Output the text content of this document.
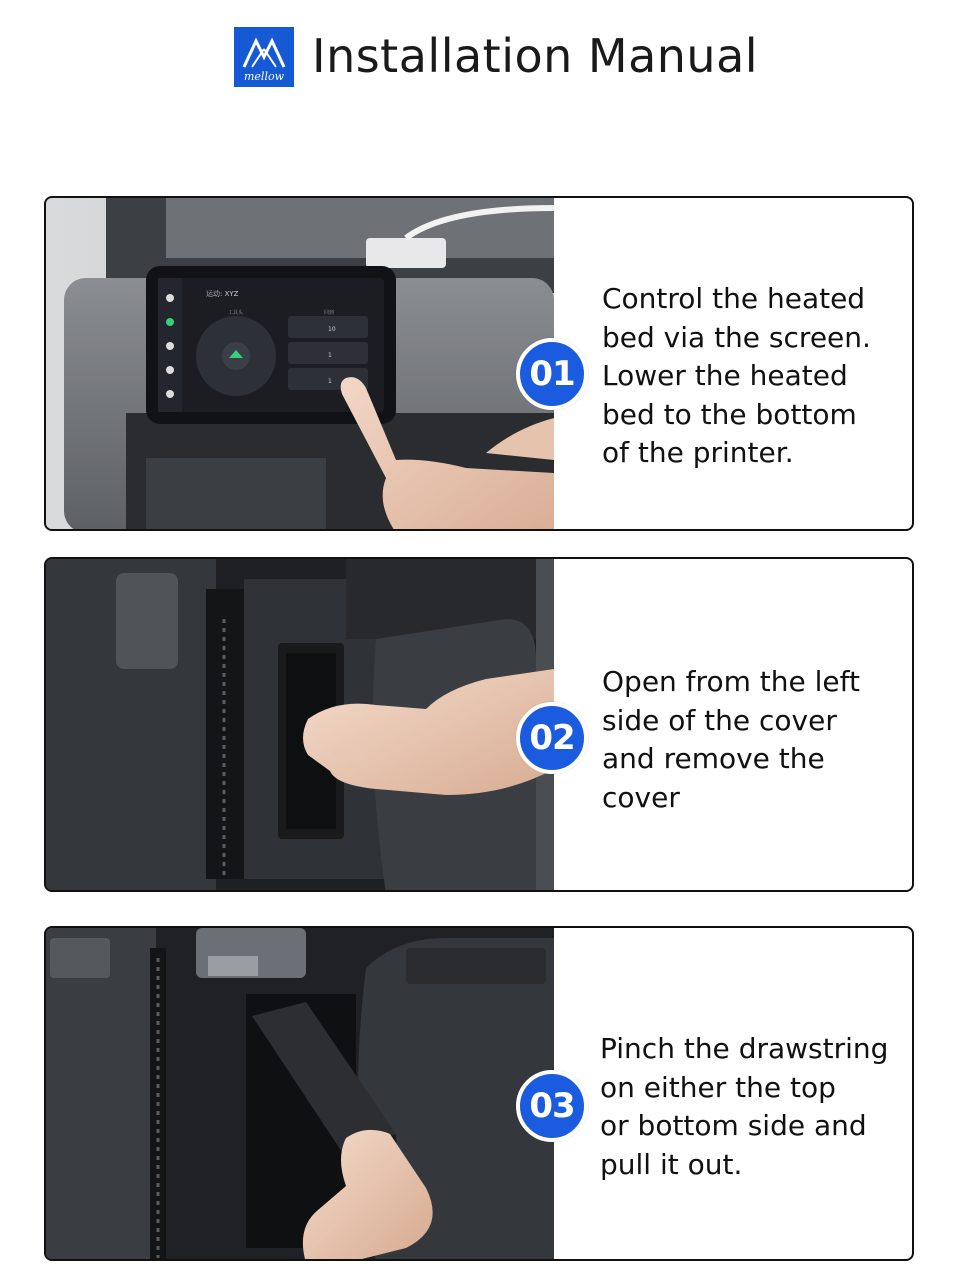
mellow Installation Manual
运动: XYZ
工具头	回到
10
1
1	01
Control the heated
bed via the screen.
Lower the heated
bed to the bottom
of the printer.
02
Open from the left
side of the cover
and remove the
cover
03
Pinch the drawstring
on either the top
or bottom side and
pull it out.
